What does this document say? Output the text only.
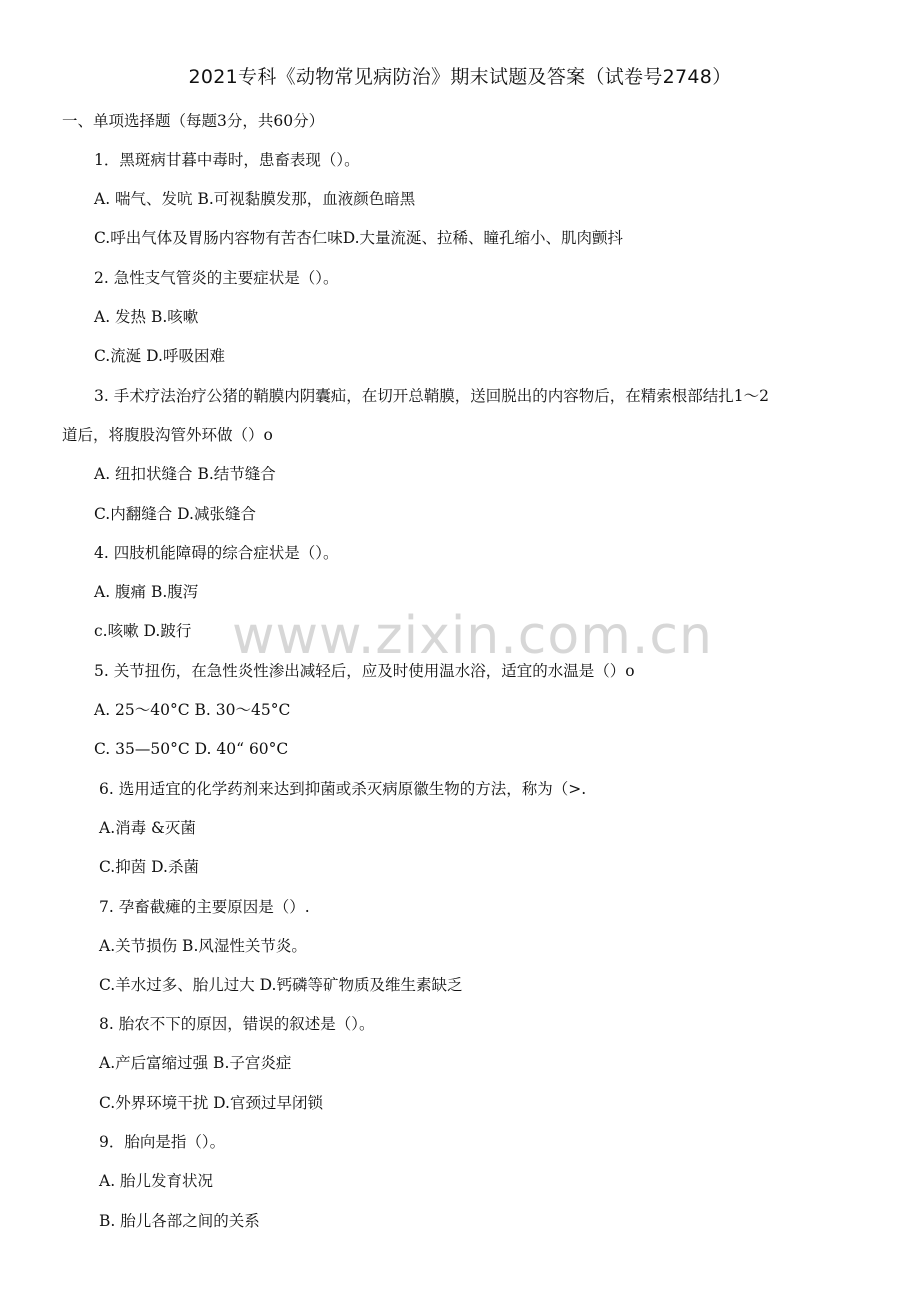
2021专科《动物常见病防治》期末试题及答案（试卷号2748）
www.zixin.com.cn
一、单项选择题（每题3分，共60分）
1．黑斑病甘暮中毒时，患畜表现（）。
A. 喘气、发吭 B.可视黏膜发那，血液颜色暗黑
C.呼出气体及胃肠内容物有苦杏仁味D.大量流涎、拉稀、瞳孔缩小、肌肉颤抖
2. 急性支气管炎的主要症状是（）。
A. 发热 B.咳嗽
C.流涎 D.呼吸困难
3. 手术疗法治疗公猪的鞘膜内阴囊疝，在切开总鞘膜，送回脱出的内容物后，在精索根部结扎1～2
道后，将腹股沟管外环做（）o
A. 纽扣状缝合 B.结节缝合
C.内翻缝合 D.减张缝合
4. 四肢机能障碍的综合症状是（）。
A. 腹痛 B.腹泻
c.咳嗽 D.跛行
5. 关节扭伤，在急性炎性渗出减轻后，应及时使用温水浴，适宜的水温是（）o
A. 25～40°C B. 30～45°C
C. 35—50°C D. 40“ 60°C
6. 选用适宜的化学药剂来达到抑菌或杀灭病原徽生物的方法，称为（>.
A.消毒 &灭菌
C.抑茵 D.杀菌
7. 孕畜截瘫的主要原因是（）.
A.关节损伤 B.风湿性关节炎。
C.羊水过多、胎儿过大 D.钙磷等矿物质及维生素缺乏
8. 胎农不下的原因，错误的叙述是（）。
A.产后富缩过强 B.子宫炎症
C.外界环境干扰 D.官颈过早闭锁
9．胎向是指（）。
A. 胎儿发育状况
B. 胎儿各部之间的关系
